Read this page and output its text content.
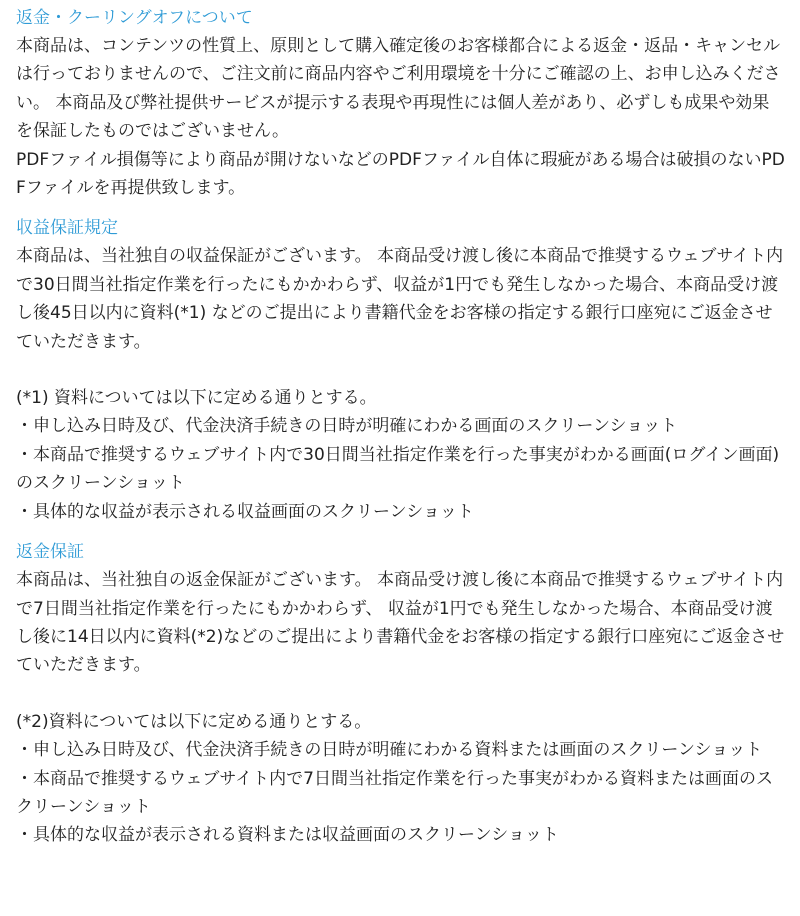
返金・クーリングオフについて

本商品は、コンテンツの性質上、原則として購入確定後のお客様都合による返金・返品・キャンセルは行っておりませんので、ご注文前に商品内容やご利用環境を十分にご確認の上、お申し込みください。 本商品及び弊社提供サービスが提示する表現や再現性には個人差があり、必ずしも成果や効果を保証したものではございません。

PDFファイル損傷等により商品が開けないなどのPDFファイル自体に瑕疵がある場合は破損のないPDFファイルを再提供致します。

収益保証規定

本商品は、当社独自の収益保証がございます。 本商品受け渡し後に本商品で推奨するウェブサイト内で30日間当社指定作業を行ったにもかかわらず、収益が1円でも発生しなかった場合、本商品受け渡し後45日以内に資料(*1) などのご提出により書籍代金をお客様の指定する銀行口座宛にご返金させていただきます。

(*1) 資料については以下に定める通りとする。

・申し込み日時及び、代金決済手続きの日時が明確にわかる画面のスクリーンショット

・本商品で推奨するウェブサイト内で30日間当社指定作業を行った事実がわかる画面(ログイン画面)のスクリーンショット

・具体的な収益が表示される収益画面のスクリーンショット

返金保証

本商品は、当社独自の返金保証がございます。 本商品受け渡し後に本商品で推奨するウェブサイト内で7日間当社指定作業を行ったにもかかわらず、 収益が1円でも発生しなかった場合、本商品受け渡し後に14日以内に資料(*2)などのご提出により書籍代金をお客様の指定する銀行口座宛にご返金させていただきます。

(*2)資料については以下に定める通りとする。

・申し込み日時及び、代金決済手続きの日時が明確にわかる資料または画面のスクリーンショット

・本商品で推奨するウェブサイト内で7日間当社指定作業を行った事実がわかる資料または画面のスクリーンショット

・具体的な収益が表示される資料または収益画面のスクリーンショット
